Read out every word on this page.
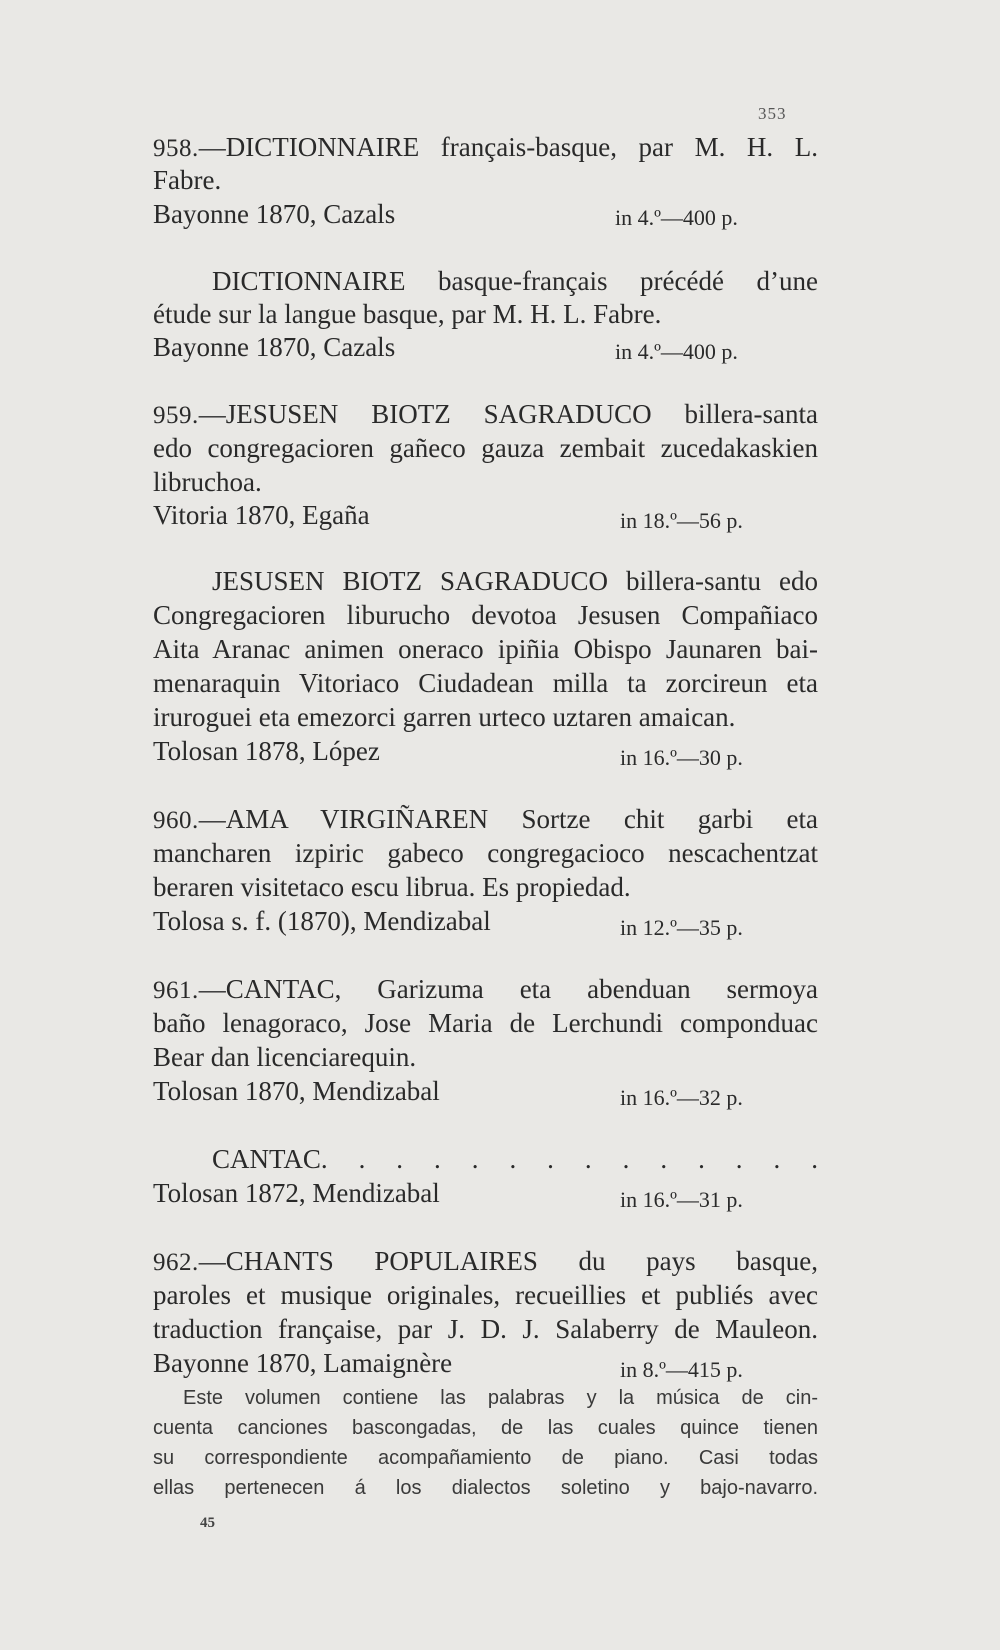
353
958.—DICTIONNAIRE français-basque, par M. H. L.
Fabre.
Bayonne 1870, Cazals	in 4.º—400 p.
DICTIONNAIRE basque-français précédé d’une
étude sur la langue basque, par M. H. L. Fabre.
Bayonne 1870, Cazals	in 4.º—400 p.
959.—JESUSEN BIOTZ SAGRADUCO billera-santa
edo congregacioren gañeco gauza zembait zucedakaskien
libruchoa.
Vitoria 1870, Egaña	in 18.º—56 p.
JESUSEN BIOTZ SAGRADUCO billera-santu edo
Congregacioren liburucho devotoa Jesusen Compañiaco
Aita Aranac animen oneraco ipiñia Obispo Jaunaren bai-
menaraquin Vitoriaco Ciudadean milla ta zorcireun eta
iruroguei eta emezorci garren urteco uztaren amaican.
Tolosan 1878, López	in 16.º—30 p.
960.—AMA VIRGIÑAREN Sortze chit garbi eta
mancharen izpiric gabeco congregacioco nescachentzat
beraren visitetaco escu librua. Es propiedad.
Tolosa s. f. (1870), Mendizabal	in 12.º—35 p.
961.—CANTAC, Garizuma eta abenduan sermoya
baño lenagoraco, Jose Maria de Lerchundi componduac
Bear dan licenciarequin.
Tolosan 1870, Mendizabal	in 16.º—32 p.
CANTAC. . . . . . . . . . . . . .
Tolosan 1872, Mendizabal	in 16.º—31 p.
962.—CHANTS POPULAIRES du pays basque,
paroles et musique originales, recueillies et publiés avec
traduction française, par J. D. J. Salaberry de Mauleon.
Bayonne 1870, Lamaignère	in 8.º—415 p.
Este volumen contiene las palabras y la música de cin-
cuenta canciones bascongadas, de las cuales quince tienen
su correspondiente acompañamiento de piano. Casi todas
ellas pertenecen á los dialectos soletino y bajo-navarro.
45
